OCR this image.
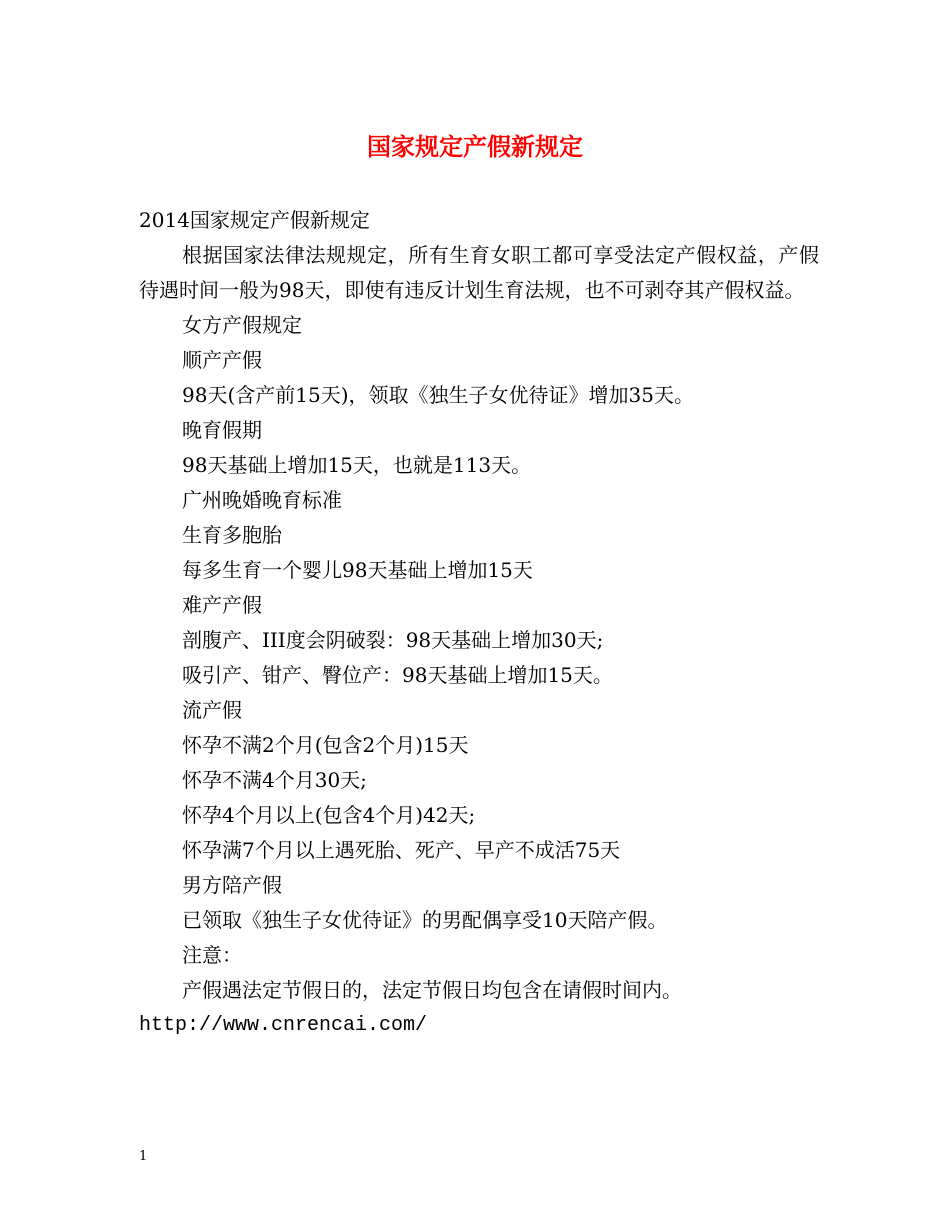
国家规定产假新规定

2014国家规定产假新规定

根据国家法律法规规定，所有生育女职工都可享受法定产假权益，产假待遇时间一般为98天，即使有违反计划生育法规，也不可剥夺其产假权益。

女方产假规定

顺产产假

98天(含产前15天)，领取《独生子女优待证》增加35天。

晚育假期

98天基础上增加15天，也就是113天。

广州晚婚晚育标准

生育多胞胎

每多生育一个婴儿98天基础上增加15天

难产产假

剖腹产、III度会阴破裂：98天基础上增加30天;

吸引产、钳产、臀位产：98天基础上增加15天。

流产假

怀孕不满2个月(包含2个月)15天

怀孕不满4个月30天;

怀孕4个月以上(包含4个月)42天;

怀孕满7个月以上遇死胎、死产、早产不成活75天

男方陪产假

已领取《独生子女优待证》的男配偶享受10天陪产假。

注意：

产假遇法定节假日的，法定节假日均包含在请假时间内。

http://www.cnrencai.com/

1
